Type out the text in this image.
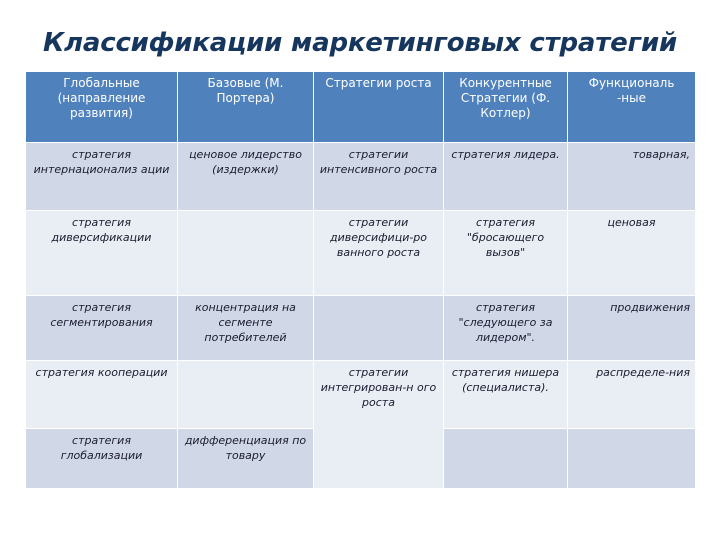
Классификации маркетинговых стратегий
Глобальные (направление развития)	Базовые (М. Портера)	Стратегии роста	Конкурентные Стратегии (Ф. Котлер)	Функциональ -ные
стратегия интернационализ ации	ценовое лидерство (издержки)	стратегии интенсивного роста	стратегия лидера.	товарная,
стратегия диверсификации		стратегии диверсифици-ро ванного роста	стратегия "бросающего вызов"	ценовая
стратегия сегментирования	концентрация на сегменте потребителей		стратегия "следующего за лидером".	продвижения
стратегия кооперации		стратегии интегрирован-н ого роста	стратегия нишера (специалиста).	распределе-ния
стратегия глобализации	дифференциация по товару			
